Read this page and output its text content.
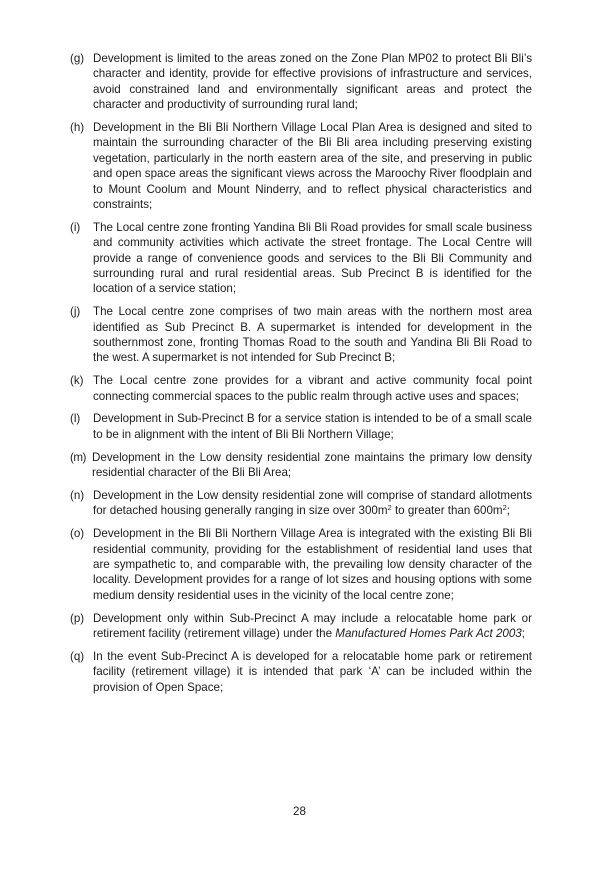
(g) Development is limited to the areas zoned on the Zone Plan MP02 to protect Bli Bli’s character and identity, provide for effective provisions of infrastructure and services, avoid constrained land and environmentally significant areas and protect the character and productivity of surrounding rural land;
(h) Development in the Bli Bli Northern Village Local Plan Area is designed and sited to maintain the surrounding character of the Bli Bli area including preserving existing vegetation, particularly in the north eastern area of the site, and preserving in public and open space areas the significant views across the Maroochy River floodplain and to Mount Coolum and Mount Ninderry, and to reflect physical characteristics and constraints;
(i)	The Local centre zone fronting Yandina Bli Bli Road provides for small scale business and community activities which activate the street frontage. The Local Centre will provide a range of convenience goods and services to the Bli Bli Community and surrounding rural and rural residential areas. Sub Precinct B is identified for the location of a service station;
(j)	The Local centre zone comprises of two main areas with the northern most area identified as Sub Precinct B. A supermarket is intended for development in the southernmost zone, fronting Thomas Road to the south and Yandina Bli Bli Road to the west. A supermarket is not intended for Sub Precinct B;
(k) The Local centre zone provides for a vibrant and active community focal point connecting commercial spaces to the public realm through active uses and spaces;
(l)	Development in Sub-Precinct B for a service station is intended to be of a small scale to be in alignment with the intent of Bli Bli Northern Village;
(m) Development in the Low density residential zone maintains the primary low density residential character of the Bli Bli Area;
(n) Development in the Low density residential zone will comprise of standard allotments for detached housing generally ranging in size over $300m^2$ to greater than $600m^2$;
(o) Development in the Bli Bli Northern Village Area is integrated with the existing Bli Bli residential community, providing for the establishment of residential land uses that are sympathetic to, and comparable with, the prevailing low density character of the locality. Development provides for a range of lot sizes and housing options with some medium density residential uses in the vicinity of the local centre zone;
(p) Development only within Sub-Precinct A may include a relocatable home park or retirement facility (retirement village) under the Manufactured Homes Park Act 2003;
(q) In the event Sub-Precinct A is developed for a relocatable home park or retirement facility (retirement village) it is intended that park ‘A’ can be included within the provision of Open Space;
28
